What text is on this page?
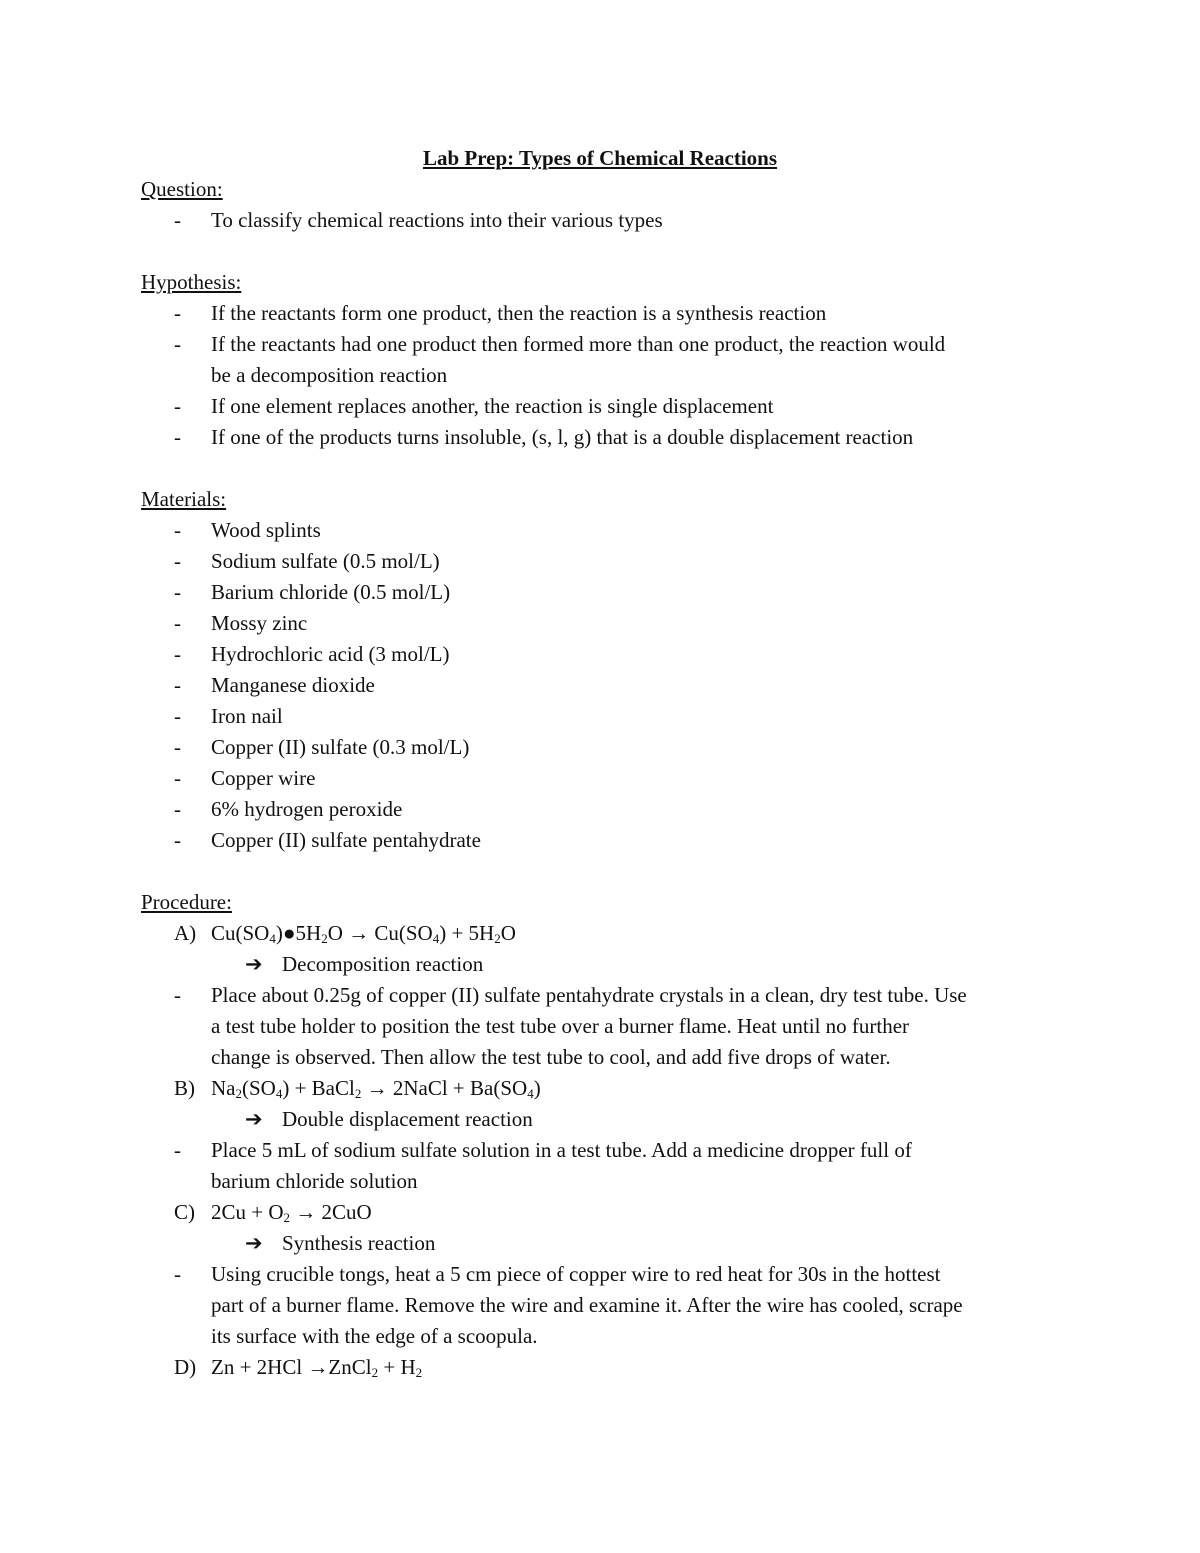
Lab Prep: Types of Chemical Reactions
Question:
- To classify chemical reactions into their various types
Hypothesis:
- If the reactants form one product, then the reaction is a synthesis reaction
- If the reactants had one product then formed more than one product, the reaction would
be a decomposition reaction
- If one element replaces another, the reaction is single displacement
- If one of the products turns insoluble, (s, l, g) that is a double displacement reaction
Materials:
- Wood splints
- Sodium sulfate (0.5 mol/L)
- Barium chloride (0.5 mol/L)
- Mossy zinc
- Hydrochloric acid (3 mol/L)
- Manganese dioxide
- Iron nail
- Copper (II) sulfate (0.3 mol/L)
- Copper wire
- 6% hydrogen peroxide
- Copper (II) sulfate pentahydrate
Procedure:
A) $Cu(SO_4)●5H_2O \to Cu(SO_4) + 5H_2O$
➔ Decomposition reaction
- Place about 0.25g of copper (II) sulfate pentahydrate crystals in a clean, dry test tube. Use
a test tube holder to position the test tube over a burner flame. Heat until no further
change is observed. Then allow the test tube to cool, and add five drops of water.
B) $Na_2(SO_4)$ + BaCl$_2$ → 2NaCl + $Ba(SO_4)$
➔ Double displacement reaction
- Place 5 mL of sodium sulfate solution in a test tube. Add a medicine dropper full of
barium chloride solution
C) $2Cu + O_2 \to 2CuO$
➔ Synthesis reaction
- Using crucible tongs, heat a 5 cm piece of copper wire to red heat for 30s in the hottest
part of a burner flame. Remove the wire and examine it. After the wire has cooled, scrape
its surface with the edge of a scoopula.
D) Zn + 2HCl →ZnCl$_2$ + $H_2$
